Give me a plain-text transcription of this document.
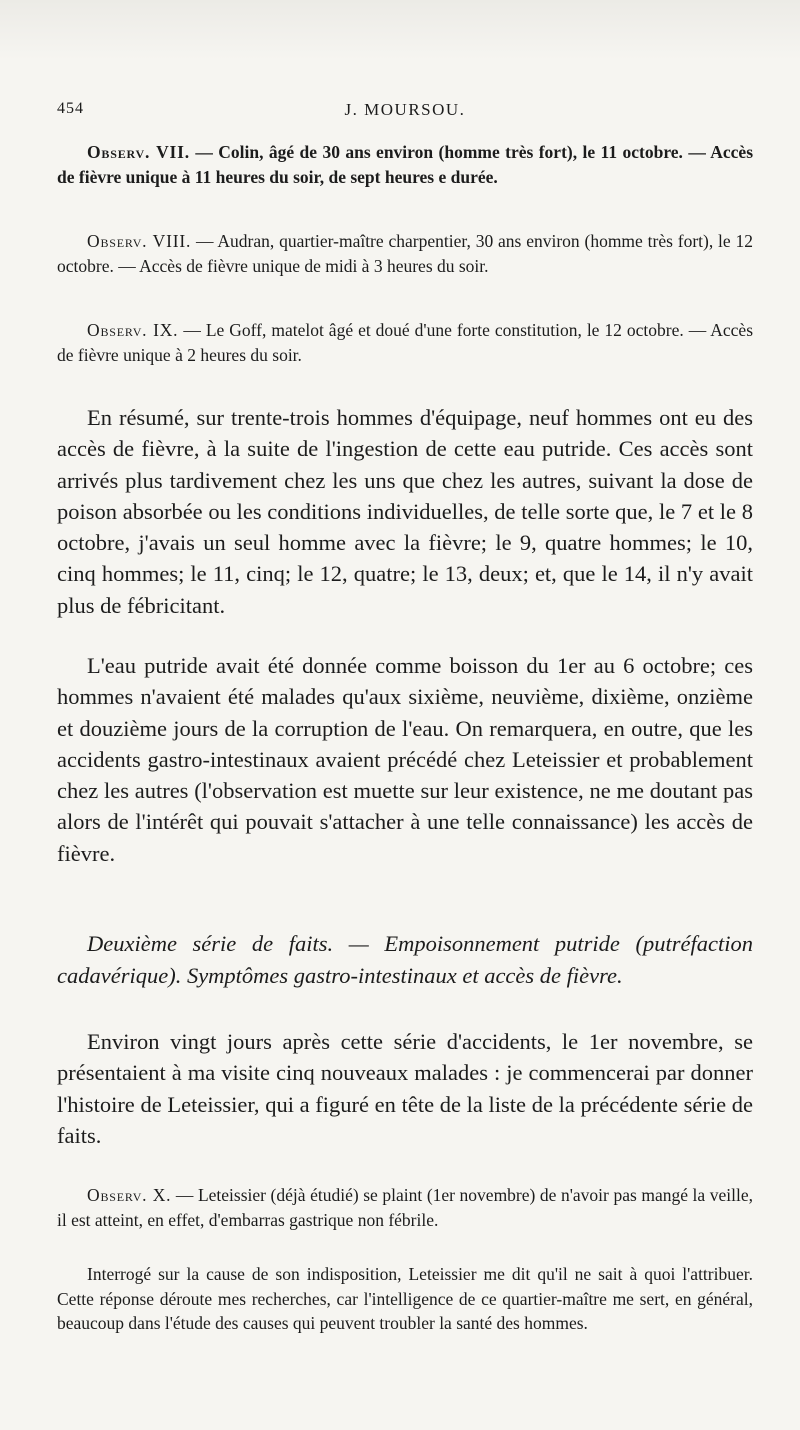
454	J. MOURSOU.

Observ. VII. — Colin, âgé de 30 ans environ (homme très fort), le 11 octobre. — Accès de fièvre unique à 11 heures du soir, de sept heures e durée.

Observ. VIII. — Audran, quartier-maître charpentier, 30 ans environ (homme très fort), le 12 octobre. — Accès de fièvre unique de midi à 3 heures du soir.

Observ. IX. — Le Goff, matelot âgé et doué d'une forte constitution, le 12 octobre. — Accès de fièvre unique à 2 heures du soir.

En résumé, sur trente-trois hommes d'équipage, neuf hommes ont eu des accès de fièvre, à la suite de l'ingestion de cette eau putride. Ces accès sont arrivés plus tardivement chez les uns que chez les autres, suivant la dose de poison absorbée ou les conditions individuelles, de telle sorte que, le 7 et le 8 octobre, j'avais un seul homme avec la fièvre; le 9, quatre hommes; le 10, cinq hommes; le 11, cinq; le 12, quatre; le 13, deux; et, que le 14, il n'y avait plus de fébricitant.

L'eau putride avait été donnée comme boisson du 1er au 6 octobre; ces hommes n'avaient été malades qu'aux sixième, neuvième, dixième, onzième et douzième jours de la corruption de l'eau. On remarquera, en outre, que les accidents gastro-intestinaux avaient précédé chez Leteissier et probablement chez les autres (l'observation est muette sur leur existence, ne me doutant pas alors de l'intérêt qui pouvait s'attacher à une telle connaissance) les accès de fièvre.

Deuxième série de faits. — Empoisonnement putride (putréfaction cadavérique). Symptômes gastro-intestinaux et accès de fièvre.

Environ vingt jours après cette série d'accidents, le 1er novembre, se présentaient à ma visite cinq nouveaux malades : je commencerai par donner l'histoire de Leteissier, qui a figuré en tête de la liste de la précédente série de faits.

Observ. X. — Leteissier (déjà étudié) se plaint (1er novembre) de n'avoir pas mangé la veille, il est atteint, en effet, d'embarras gastrique non fébrile.

Interrogé sur la cause de son indisposition, Leteissier me dit qu'il ne sait à quoi l'attribuer. Cette réponse déroute mes recherches, car l'intelligence de ce quartier-maître me sert, en général, beaucoup dans l'étude des causes qui peuvent troubler la santé des hommes.
